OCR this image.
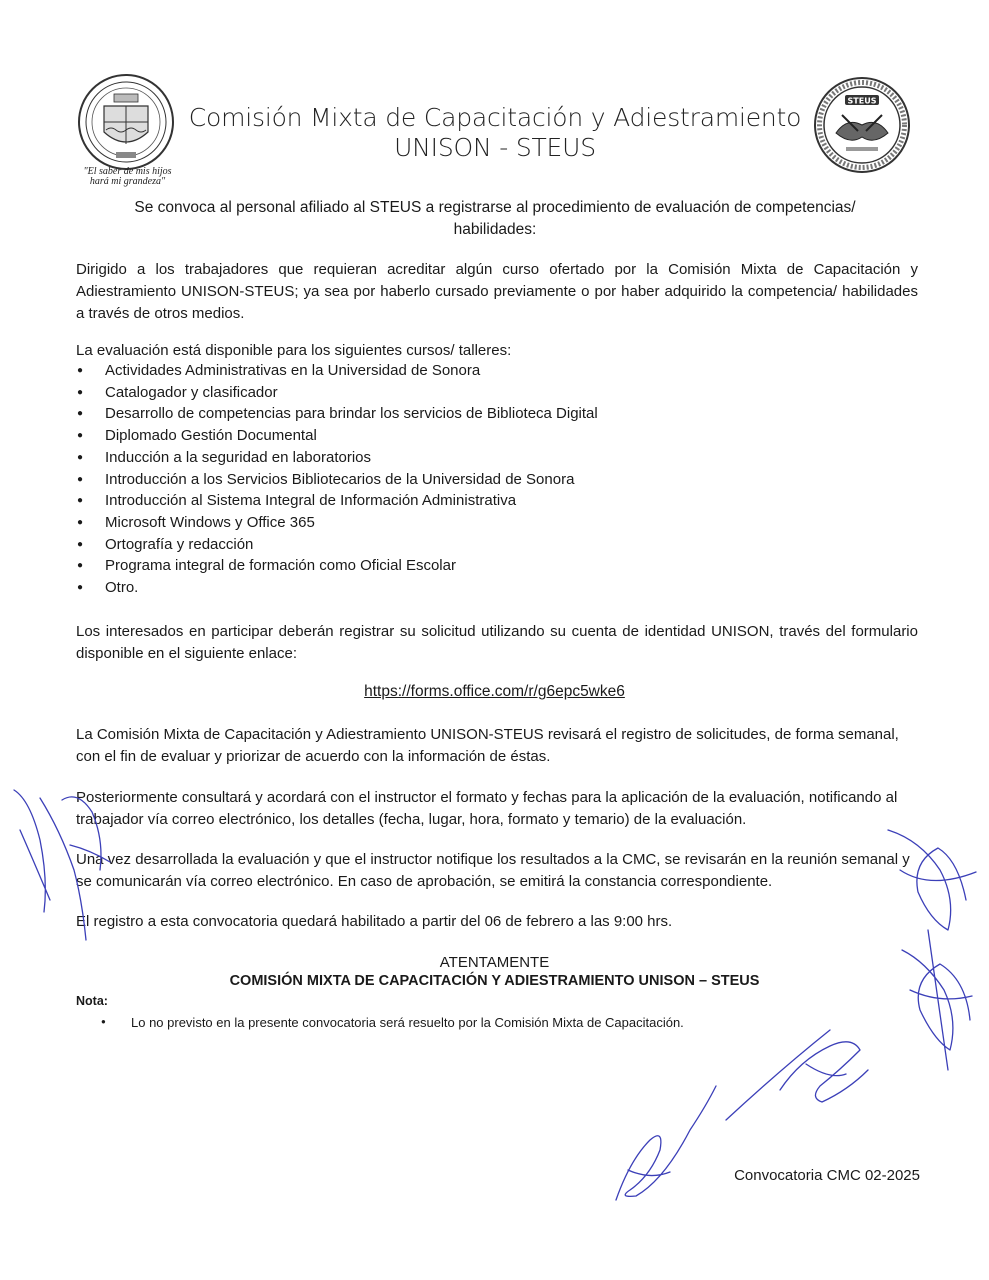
"El saber de mis hijos
hará mi grandeza"
Comisión Mixta de Capacitación y Adiestramiento
UNISON - STEUS
STEUS
Se convoca al personal afiliado al STEUS a registrarse al procedimiento de evaluación de competencias/
habilidades:
Dirigido a los trabajadores que requieran acreditar algún curso ofertado por la Comisión Mixta de Capacitación y Adiestramiento UNISON-STEUS; ya sea por haberlo cursado previamente o por haber adquirido la competencia/ habilidades a través de otros medios.
La evaluación está disponible para los siguientes cursos/ talleres:
● Actividades Administrativas en la Universidad de Sonora
● Catalogador y clasificador
● Desarrollo de competencias para brindar los servicios de Biblioteca Digital
● Diplomado Gestión Documental
● Inducción a la seguridad en laboratorios
● Introducción a los Servicios Bibliotecarios de la Universidad de Sonora
● Introducción al Sistema Integral de Información Administrativa
● Microsoft Windows y Office 365
● Ortografía y redacción
● Programa integral de formación como Oficial Escolar
● Otro.
Los interesados en participar deberán registrar su solicitud utilizando su cuenta de identidad UNISON, través del formulario disponible en el siguiente enlace:
https://forms.office.com/r/g6epc5wke6
La Comisión Mixta de Capacitación y Adiestramiento UNISON-STEUS revisará el registro de solicitudes, de forma semanal, con el fin de evaluar y priorizar de acuerdo con la información de éstas.
Posteriormente consultará y acordará con el instructor el formato y fechas para la aplicación de la evaluación, notificando al trabajador vía correo electrónico, los detalles (fecha, lugar, hora, formato y temario) de la evaluación.
Una vez desarrollada la evaluación y que el instructor notifique los resultados a la CMC, se revisarán en la reunión semanal y se comunicarán vía correo electrónico. En caso de aprobación, se emitirá la constancia correspondiente.
El registro a esta convocatoria quedará habilitado a partir del 06 de febrero a las 9:00 hrs.
ATENTAMENTE
COMISIÓN MIXTA DE CAPACITACIÓN Y ADIESTRAMIENTO UNISON – STEUS
Nota:
● Lo no previsto en la presente convocatoria será resuelto por la Comisión Mixta de Capacitación.
Convocatoria CMC 02-2025
